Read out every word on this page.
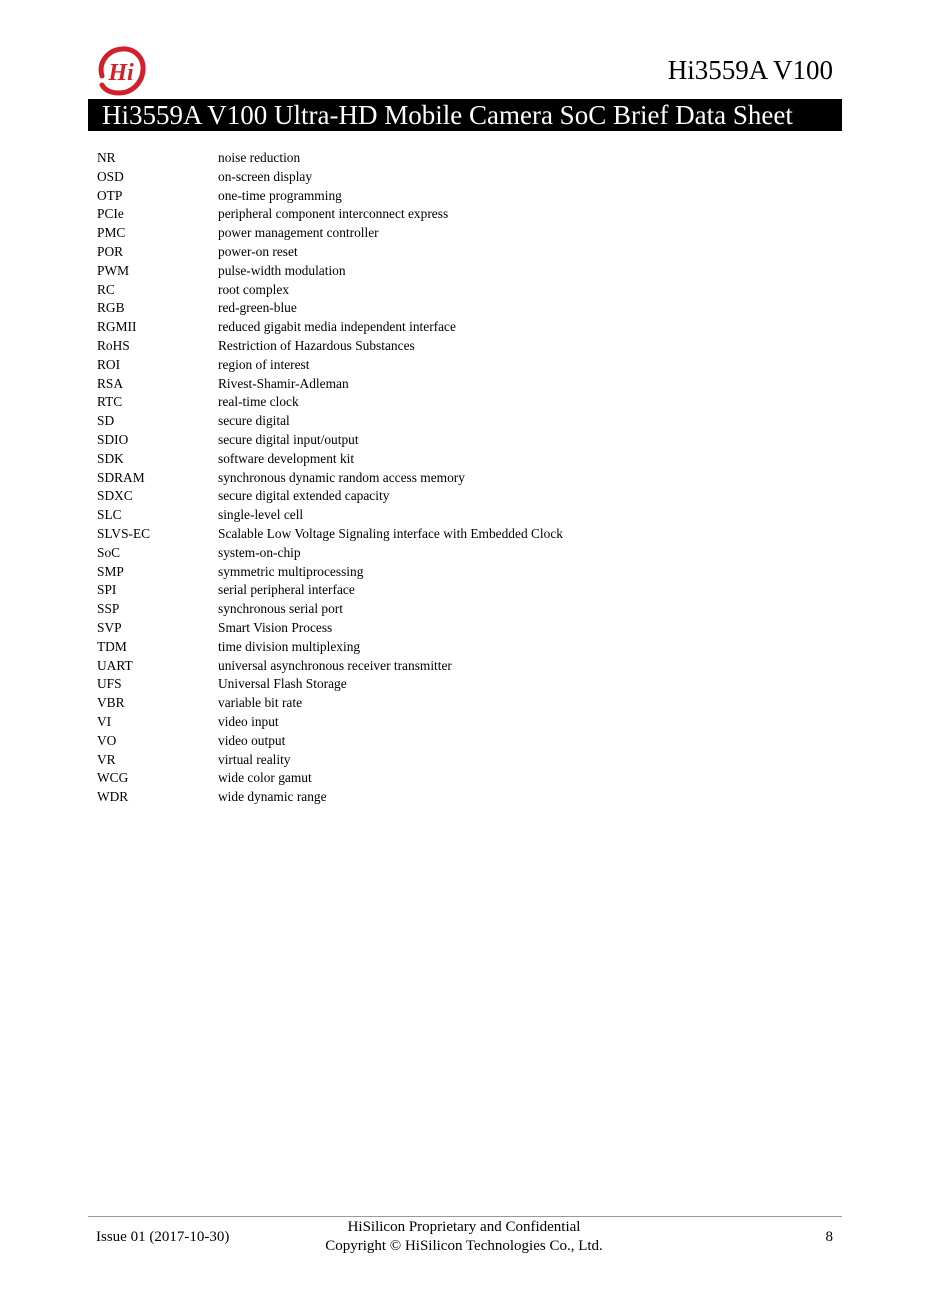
Hi	Hi3559A V100
Hi3559A V100 Ultra-HD Mobile Camera SoC Brief Data Sheet
NR	noise reduction
OSD	on-screen display
OTP	one-time programming
PCIe	peripheral component interconnect express
PMC	power management controller
POR	power-on reset
PWM	pulse-width modulation
RC	root complex
RGB	red-green-blue
RGMII	reduced gigabit media independent interface
RoHS	Restriction of Hazardous Substances
ROI	region of interest
RSA	Rivest-Shamir-Adleman
RTC	real-time clock
SD	secure digital
SDIO	secure digital input/output
SDK	software development kit
SDRAM	synchronous dynamic random access memory
SDXC	secure digital extended capacity
SLC	single-level cell
SLVS-EC	Scalable Low Voltage Signaling interface with Embedded Clock
SoC	system-on-chip
SMP	symmetric multiprocessing
SPI	serial peripheral interface
SSP	synchronous serial port
SVP	Smart Vision Process
TDM	time division multiplexing
UART	universal asynchronous receiver transmitter
UFS	Universal Flash Storage
VBR	variable bit rate
VI	video input
VO	video output
VR	virtual reality
WCG	wide color gamut
WDR	wide dynamic range
Issue 01 (2017-10-30)
HiSilicon Proprietary and Confidential
Copyright © HiSilicon Technologies Co., Ltd.
8
